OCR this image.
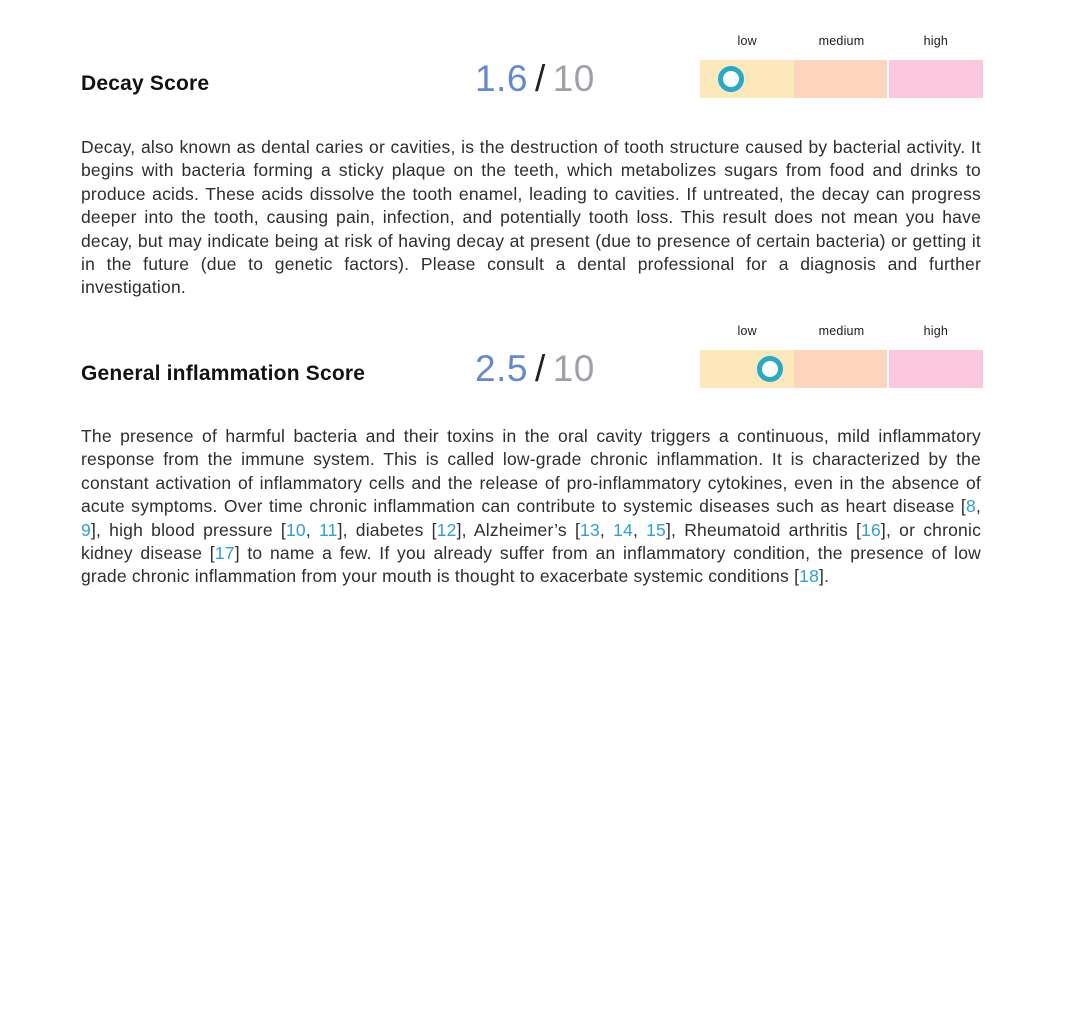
Decay Score	1.6 / 10
low	medium	high

Decay, also known as dental caries or cavities, is the destruction of tooth structure caused by bacterial activity. It begins with bacteria forming a sticky plaque on the teeth, which metabolizes sugars from food and drinks to produce acids. These acids dissolve the tooth enamel, leading to cavities. If untreated, the decay can progress deeper into the tooth, causing pain, infection, and potentially tooth loss. This result does not mean you have decay, but may indicate being at risk of having decay at present (due to presence of certain bacteria) or getting it in the future (due to genetic factors). Please consult a dental professional for a diagnosis and further investigation.

General inflammation Score	2.5 / 10
low	medium	high

The presence of harmful bacteria and their toxins in the oral cavity triggers a continuous, mild inflammatory response from the immune system. This is called low-grade chronic inflammation. It is characterized by the constant activation of inflammatory cells and the release of pro-inflammatory cytokines, even in the absence of acute symptoms. Over time chronic inflammation can contribute to systemic diseases such as heart disease [8, 9], high blood pressure [10, 11], diabetes [12], Alzheimer’s [13, 14, 15], Rheumatoid arthritis [16], or chronic kidney disease [17] to name a few. If you already suffer from an inflammatory condition, the presence of low grade chronic inflammation from your mouth is thought to exacerbate systemic conditions [18].
